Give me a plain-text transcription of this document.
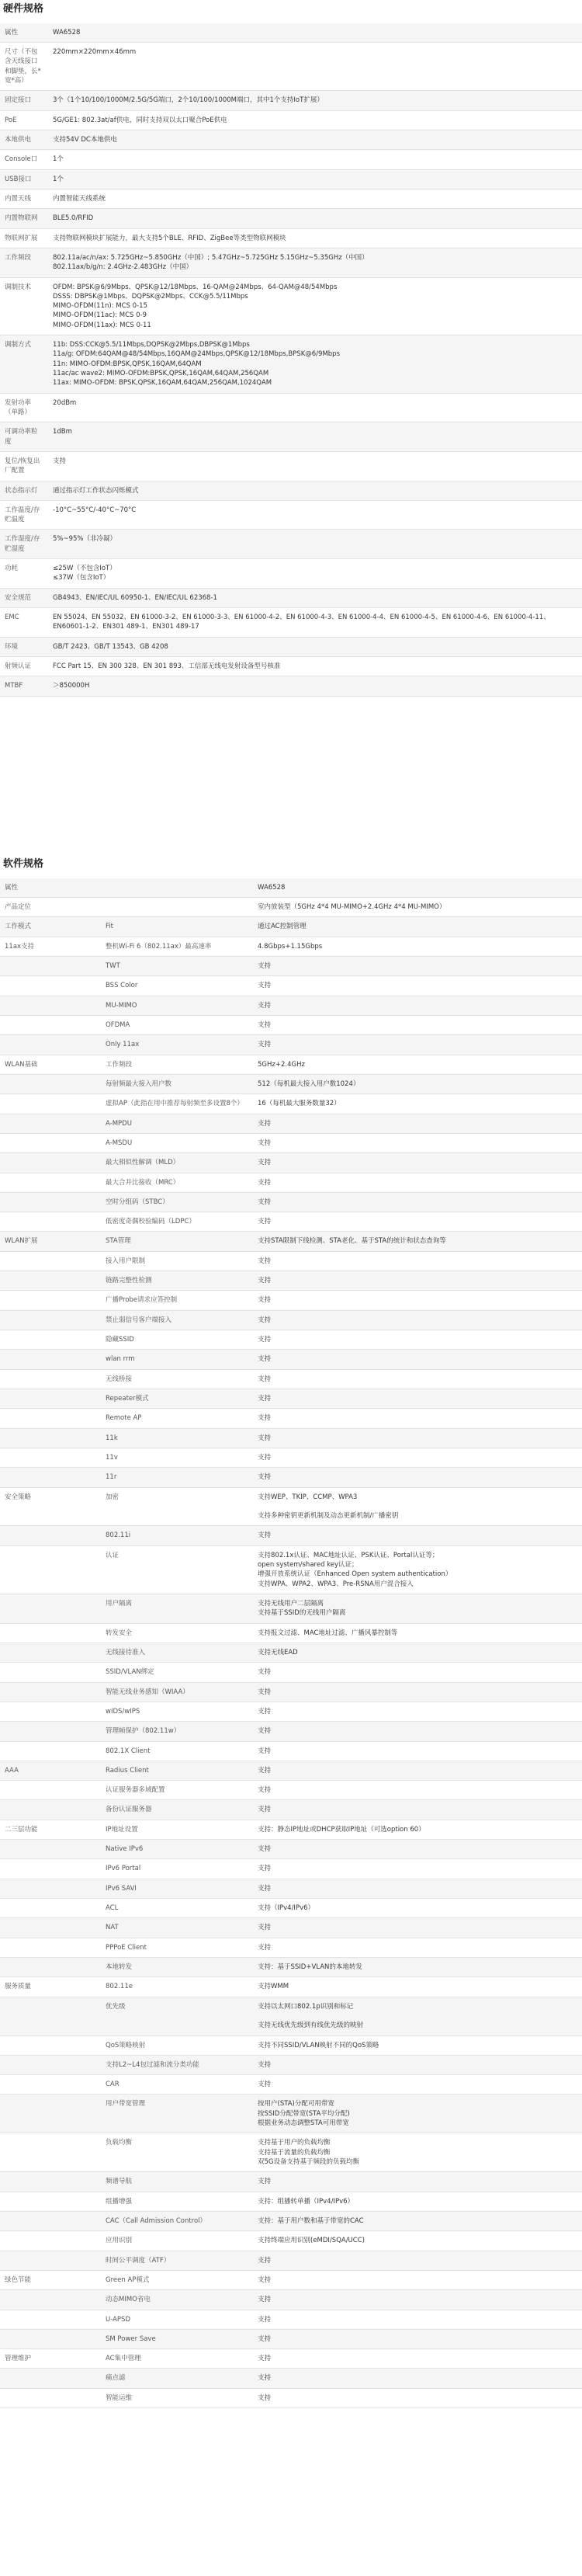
硬件规格
属性	WA6528
尺寸（不包含天线接口和脚垫，长*宽*高）	220mm×220mm×46mm
固定接口	3个（1个10/100/1000M/2.5G/5G端口，2个10/100/1000M端口，其中1个支持IoT扩展）
PoE	5G/GE1: 802.3at/af供电，同时支持双以太口聚合PoE供电
本地供电	支持54V DC本地供电
Console口	1个
USB接口	1个
内置天线	内置智能天线系统
内置物联网	BLE5.0/RFID
物联网扩展	支持物联网模块扩展能力，最大支持5个BLE、RFID、ZigBee等类型物联网模块
工作频段	802.11a/ac/n/ax: 5.725GHz~5.850GHz（中国）; 5.47GHz~5.725GHz 5.15GHz~5.35GHz（中国）
802.11ax/b/g/n: 2.4GHz-2.483GHz（中国）
调制技术	OFDM: BPSK@6/9Mbps、QPSK@12/18Mbps、16-QAM@24Mbps、64-QAM@48/54Mbps
DSSS: DBPSK@1Mbps、DQPSK@2Mbps、CCK@5.5/11Mbps
MIMO-OFDM(11n): MCS 0-15
MIMO-OFDM(11ac): MCS 0-9
MIMO-OFDM(11ax): MCS 0-11
调制方式	11b: DSS:CCK@5.5/11Mbps,DQPSK@2Mbps,DBPSK@1Mbps
11a/g: OFDM:64QAM@48/54Mbps,16QAM@24Mbps,QPSK@12/18Mbps,BPSK@6/9Mbps
11n: MIMO-OFDM:BPSK,QPSK,16QAM,64QAM
11ac/ac wave2: MIMO-OFDM:BPSK,QPSK,16QAM,64QAM,256QAM
11ax: MIMO-OFDM: BPSK,QPSK,16QAM,64QAM,256QAM,1024QAM
发射功率（单路）	20dBm
可调功率粒度	1dBm
复位/恢复出厂配置	支持
状态指示灯	通过指示灯工作状态闪烁模式
工作温度/存贮温度	-10°C~55°C/-40°C~70°C
工作湿度/存贮湿度	5%~95%（非冷凝）
功耗	≤25W（不包含IoT）
≤37W（包含IoT）
安全规范	GB4943、EN/IEC/UL 60950-1、EN/IEC/UL 62368-1
EMC	EN 55024、EN 55032、EN 61000-3-2、EN 61000-3-3、EN 61000-4-2、EN 61000-4-3、EN 61000-4-4、EN 61000-4-5、EN 61000-4-6、EN 61000-4-11、EN60601-1-2、EN301 489-1、EN301 489-17
环境	GB/T 2423、GB/T 13543、GB 4208
射频认证	FCC Part 15、EN 300 328、EN 301 893、工信部无线电发射设备型号核准
MTBF	＞850000H
软件规格
属性		WA6528
产品定位		室内放装型（5GHz 4*4 MU-MIMO+2.4GHz 4*4 MU-MIMO）
工作模式	Fit	通过AC控制管理
11ax支持	整机Wi-Fi 6（802.11ax）最高速率	4.8Gbps+1.15Gbps
	TWT	支持
	BSS Color	支持
	MU-MIMO	支持
	OFDMA	支持
	Only 11ax	支持
WLAN基础	工作频段	5GHz+2.4GHz
	每射频最大接入用户数	512（每机最大接入用户数1024）
	虚拟AP（此指在用中推荐每射频至多设置8个）	16（每机最大服务数量32）
	A-MPDU	支持
	A-MSDU	支持
	最大相似性解调（MLD）	支持
	最大合并比接收（MRC）	支持
	空时分组码（STBC）	支持
	低密度奇偶校验编码（LDPC）	支持
WLAN扩展	STA管理	支持STA限制下线检测、STA老化、基于STA的统计和状态查询等
	接入用户限制	支持
	链路完整性检测	支持
	广播Probe请求应答控制	支持
	禁止弱信号客户端接入	支持
	隐藏SSID	支持
	wlan rrm	支持
	无线桥接	支持
	Repeater模式	支持
	Remote AP	支持
	11k	支持
	11v	支持
	11r	支持
安全策略	加密	支持WEP、TKIP、CCMP、WPA3

支持多种密钥更新机制及动态更新机制/广播密钥
	802.11i	支持
	认证	支持802.1x认证、MAC地址认证、PSK认证、Portal认证等；
open system/shared key认证；
增强开放系统认证（Enhanced Open system authentication）
支持WPA、WPA2、WPA3、Pre-RSNA用户混合接入
	用户隔离	支持无线用户二层隔离
支持基于SSID的无线用户隔离
	转发安全	支持报文过滤、MAC地址过滤、广播风暴控制等
	无线接待准入	支持无线EAD
	SSID/VLAN绑定	支持
	智能无线业务感知（WIAA）	支持
	wIDS/wIPS	支持
	管理帧保护（802.11w）	支持
	802.1X Client	支持
AAA	Radius Client	支持
	认证服务器多域配置	支持
	备份认证服务器	支持
二三层功能	IP地址设置	支持：静态IP地址或DHCP获取IP地址（可选option 60）
	Native IPv6	支持
	IPv6 Portal	支持
	IPv6 SAVI	支持
	ACL	支持（IPv4/IPv6）
	NAT	支持
	PPPoE Client	支持
	本地转发	支持：基于SSID+VLAN的本地转发
服务质量	802.11e	支持WMM
	优先级	支持以太网口802.1p识别和标记

支持无线优先级到有线优先级的映射
	QoS策略映射	支持不同SSID/VLAN映射不同的QoS策略
	支持L2~L4包过滤和流分类功能	支持
	CAR	支持
	用户带宽管理	按用户(STA)分配可用带宽
按SSID分配带宽(STA平均分配)
根据业务动态调整STA可用带宽
	负载均衡	支持基于用户的负载均衡
支持基于流量的负载均衡
双5G设备支持基于频段的负载均衡
	频谱导航	支持
	组播增强	支持：组播转单播（IPv4/IPv6）
	CAC（Call Admission Control）	支持：基于用户数和基于带宽的CAC
	应用识别	支持终端应用识别(eMDI/SQA/UCC)
	时间公平调度（ATF）	支持
绿色节能	Green AP模式	支持
	动态MIMO省电	支持
	U-APSD	支持
	SM Power Save	支持
管理维护	AC集中管理	支持
	痛点滤	支持
	智能运维	支持
